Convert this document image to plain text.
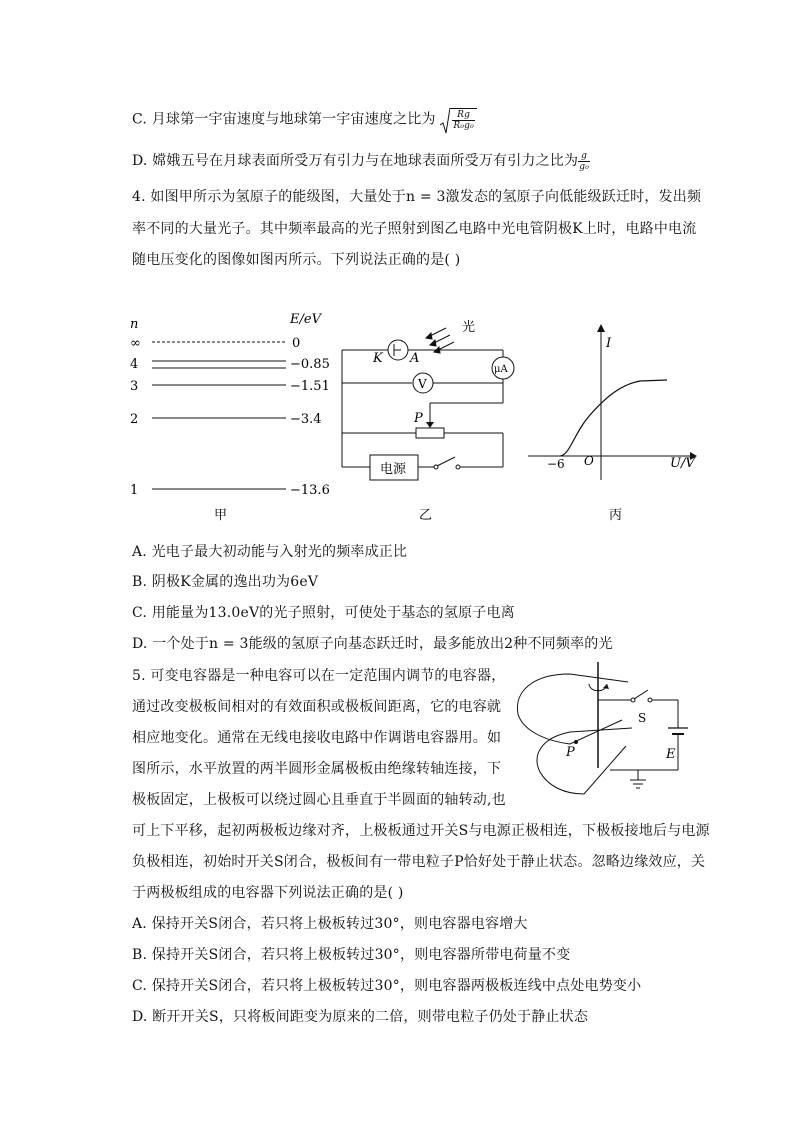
C. 月球第一宇宙速度与地球第一宇宙速度之比为 $\frac{Rg}{\text{R₀g₀}}$
D. 嫦娥五号在月球表面所受万有引力与在地球表面所受万有引力之比为 $\frac{g}{\text{g₀}}$
4. 如图甲所示为氢原子的能级图，大量处于n = 3激发态的氢原子向低能级跃迁时，发出频
率不同的大量光子。其中频率最高的光子照射到图乙电路中光电管阴极K上时，电路中电流
随电压变化的图像如图丙所示。下列说法正确的是( )
n	E/eV
∞	0
4	−0.85
3	−1.51
2	−3.4
1	−13.6
甲
光
K A
μA
V
P
电源
乙
I
U/V
O
−6
丙
A. 光电子最大初动能与入射光的频率成正比
B. 阴极K金属的逸出功为6eV
C. 用能量为13.0eV的光子照射，可使处于基态的氢原子电离
D. 一个处于n = 3能级的氢原子向基态跃迁时，最多能放出2种不同频率的光
5. 可变电容器是一种电容可以在一定范围内调节的电容器，
通过改变极板间相对的有效面积或极板间距离，它的电容就
相应地变化。通常在无线电接收电路中作调谐电容器用。如
图所示，水平放置的两半圆形金属极板由绝缘转轴连接，下
极板固定，上极板可以绕过圆心且垂直于半圆面的轴转动,也
可上下平移，起初两极板边缘对齐，上极板通过开关S与电源正极相连，下极板接地后与电源
负极相连，初始时开关S闭合，极板间有一带电粒子P恰好处于静止状态。忽略边缘效应，关
于两极板组成的电容器下列说法正确的是( )
P
S
E
A. 保持开关S闭合，若只将上极板转过30°，则电容器电容增大
B. 保持开关S闭合，若只将上极板转过30°，则电容器所带电荷量不变
C. 保持开关S闭合，若只将上极板转过30°，则电容器两极板连线中点处电势变小
D. 断开开关S，只将板间距变为原来的二倍，则带电粒子仍处于静止状态
